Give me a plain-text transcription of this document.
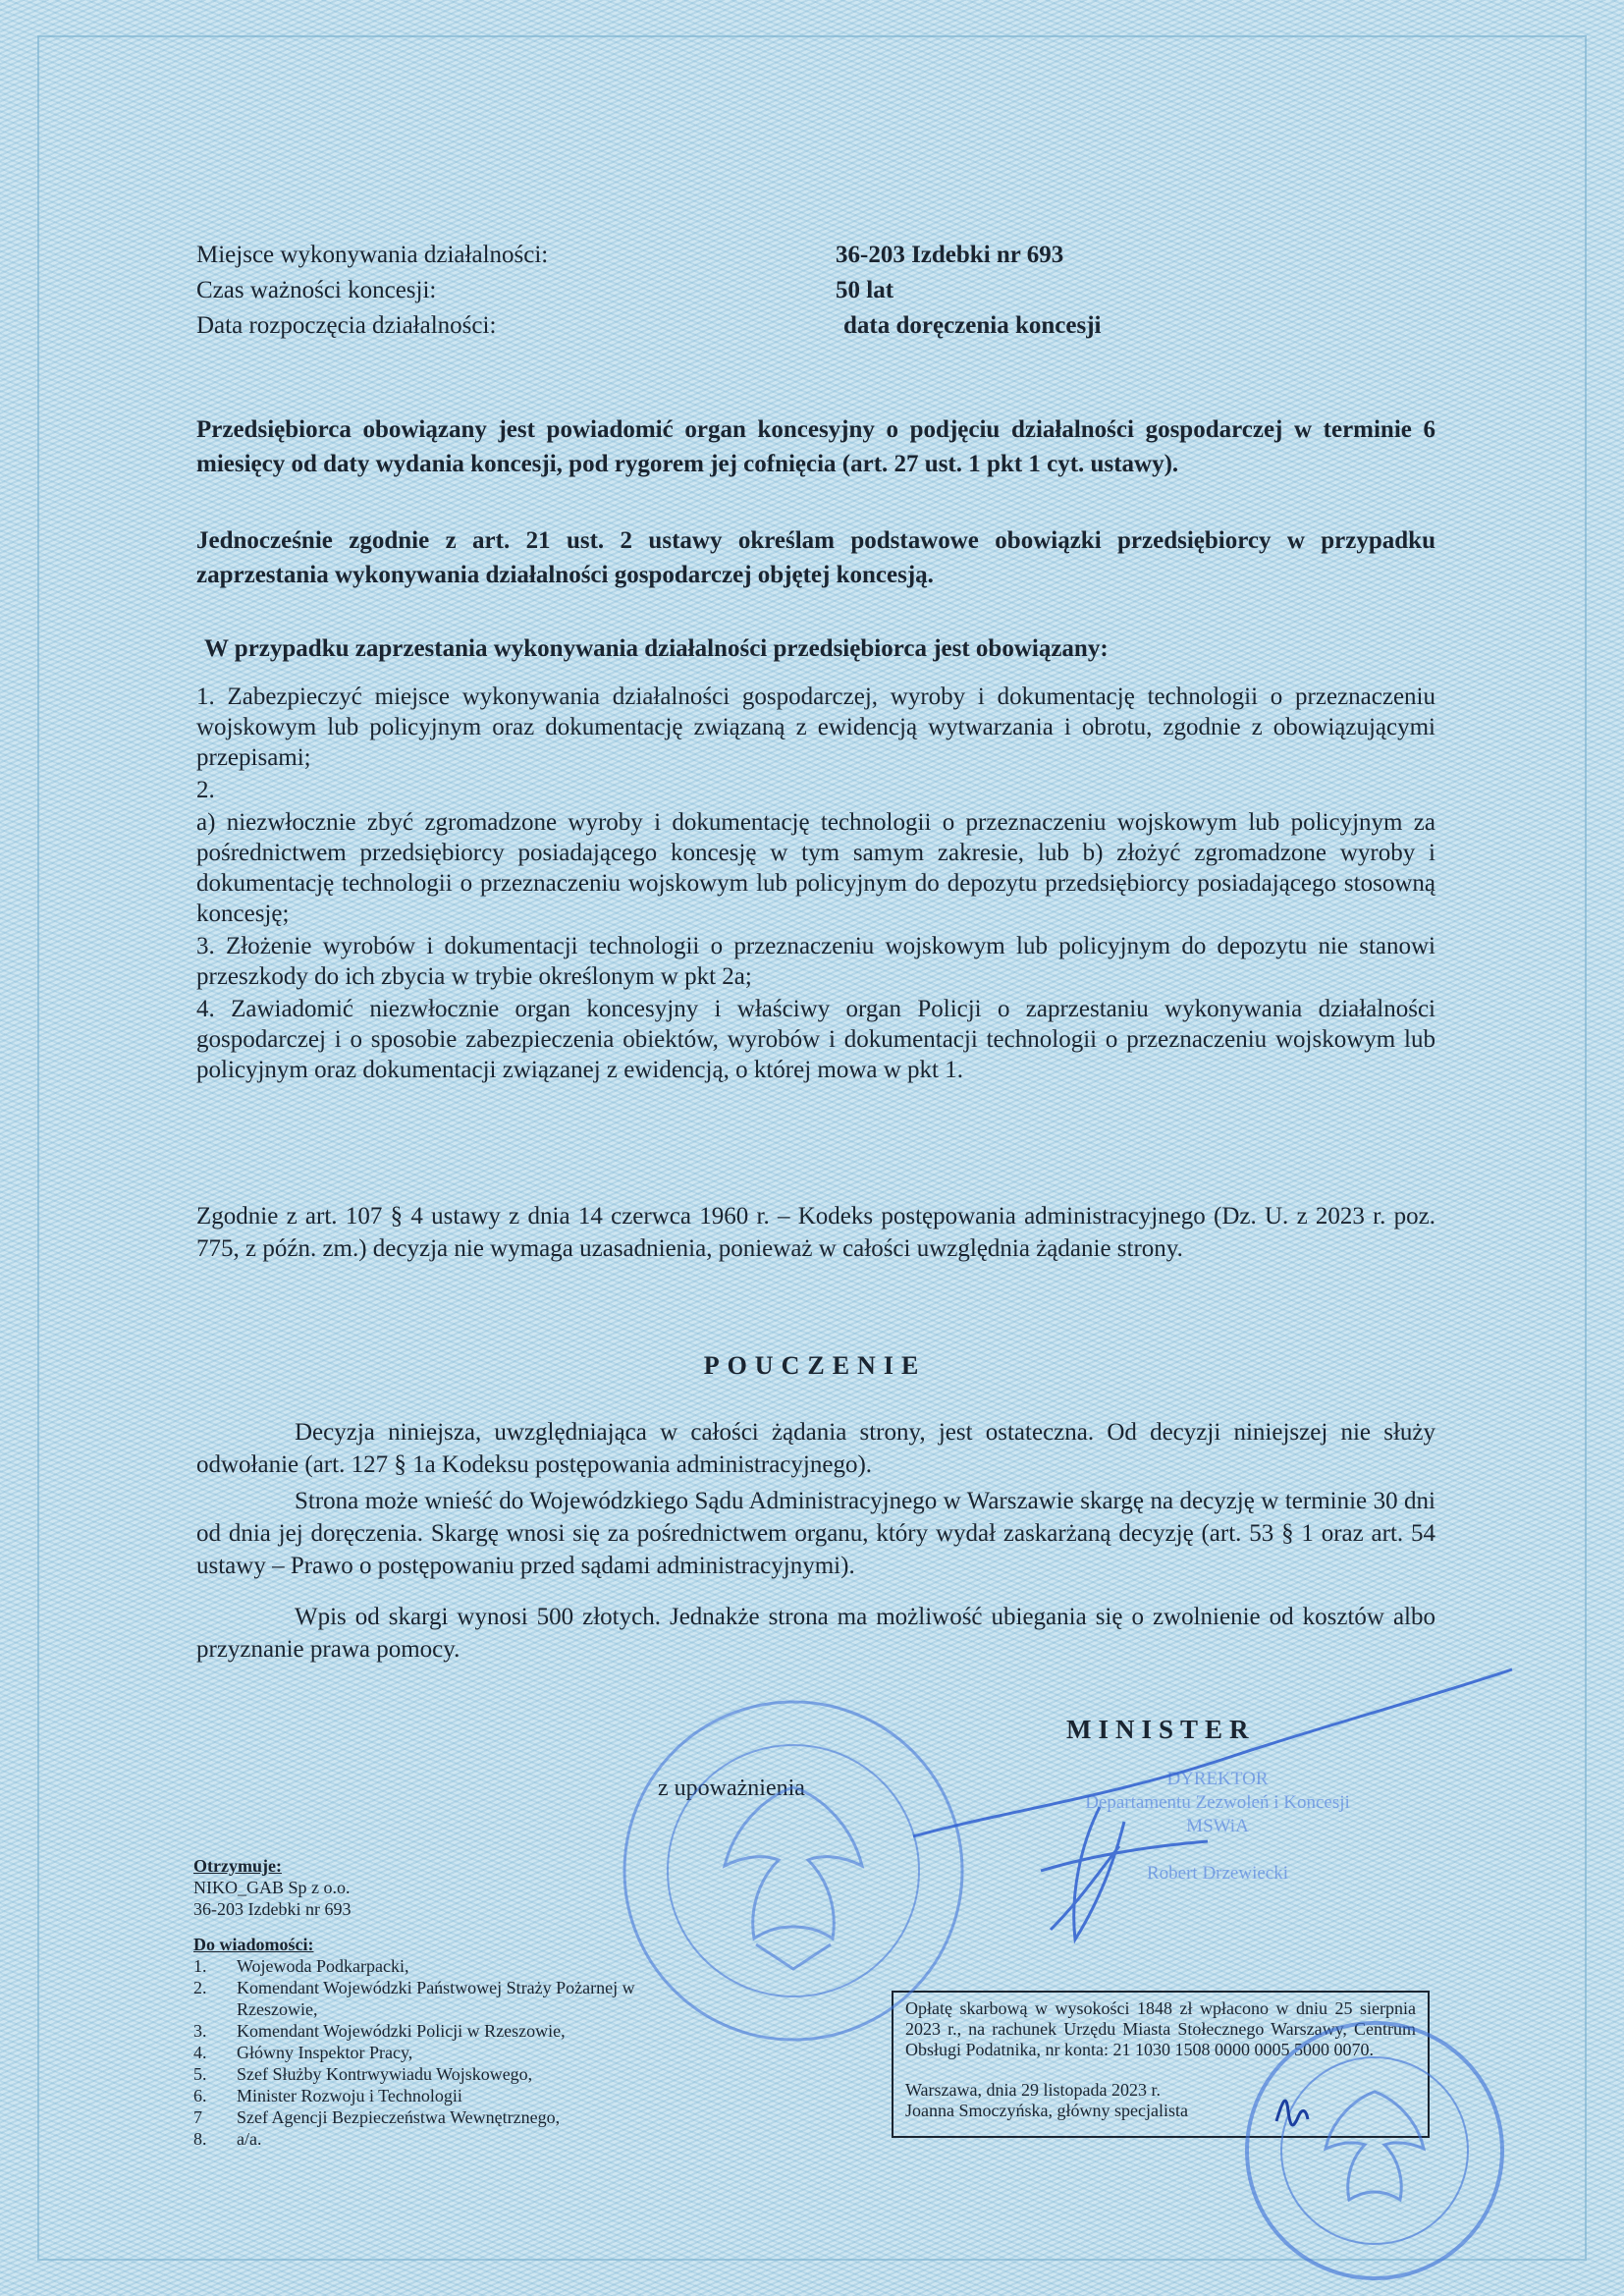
Miejsce wykonywania działalności:	36-203 Izdebki nr 693
Czas ważności koncesji:	50 lat
Data rozpoczęcia działalności:	data doręczenia koncesji
Przedsiębiorca obowiązany jest powiadomić organ koncesyjny o podjęciu działalności gospodarczej w terminie 6 miesięcy od daty wydania koncesji, pod rygorem jej cofnięcia (art. 27 ust. 1 pkt 1 cyt. ustawy).
Jednocześnie zgodnie z art. 21 ust. 2 ustawy określam podstawowe obowiązki przedsiębiorcy w przypadku zaprzestania wykonywania działalności gospodarczej objętej koncesją.
W przypadku zaprzestania wykonywania działalności przedsiębiorca jest obowiązany:

1. Zabezpieczyć miejsce wykonywania działalności gospodarczej, wyroby i dokumentację technologii o przeznaczeniu wojskowym lub policyjnym oraz dokumentację związaną z ewidencją wytwarzania i obrotu, zgodnie z obowiązującymi przepisami;

2.

a) niezwłocznie zbyć zgromadzone wyroby i dokumentację technologii o przeznaczeniu wojskowym lub policyjnym za pośrednictwem przedsiębiorcy posiadającego koncesję w tym samym zakresie, lub b) złożyć zgromadzone wyroby i dokumentację technologii o przeznaczeniu wojskowym lub policyjnym do depozytu przedsiębiorcy posiadającego stosowną koncesję;

3. Złożenie wyrobów i dokumentacji technologii o przeznaczeniu wojskowym lub policyjnym do depozytu nie stanowi przeszkody do ich zbycia w trybie określonym w pkt 2a;

4. Zawiadomić niezwłocznie organ koncesyjny i właściwy organ Policji o zaprzestaniu wykonywania działalności gospodarczej i o sposobie zabezpieczenia obiektów, wyrobów i dokumentacji technologii o przeznaczeniu wojskowym lub policyjnym oraz dokumentacji związanej z ewidencją, o której mowa w pkt 1.

Zgodnie z art. 107 § 4 ustawy z dnia 14 czerwca 1960 r. – Kodeks postępowania administracyjnego (Dz. U. z 2023 r. poz. 775, z późn. zm.) decyzja nie wymaga uzasadnienia, ponieważ w całości uwzględnia żądanie strony.
POUCZENIE
Decyzja niniejsza, uwzględniająca w całości żądania strony, jest ostateczna. Od decyzji niniejszej nie służy odwołanie (art. 127 § 1a Kodeksu postępowania administracyjnego).
Strona może wnieść do Wojewódzkiego Sądu Administracyjnego w Warszawie skargę na decyzję w terminie 30 dni od dnia jej doręczenia. Skargę wnosi się za pośrednictwem organu, który wydał zaskarżaną decyzję (art. 53 § 1 oraz art. 54 ustawy – Prawo o postępowaniu przed sądami administracyjnymi).
Wpis od skargi wynosi 500 złotych. Jednakże strona ma możliwość ubiegania się o zwolnienie od kosztów albo przyznanie prawa pomocy.
MINISTER
z upoważnienia	DYREKTOR
Departamentu Zezwoleń i Koncesji
MSWiA
Robert Drzewiecki
Otrzymuje:
NIKO_GAB Sp z o.o.
36-203 Izdebki nr 693
Do wiadomości:
1.	Wojewoda Podkarpacki,
2.	Komendant Wojewódzki Państwowej Straży Pożarnej w Rzeszowie,
3.	Komendant Wojewódzki Policji w Rzeszowie,
4.	Główny Inspektor Pracy,
5.	Szef Służby Kontrwywiadu Wojskowego,
6.	Minister Rozwoju i Technologii
7	Szef Agencji Bezpieczeństwa Wewnętrznego,
8.	a/a.
Opłatę skarbową w wysokości 1848 zł wpłacono w dniu 25 sierpnia 2023 r., na rachunek Urzędu Miasta Stołecznego Warszawy, Centrum Obsługi Podatnika, nr konta: 21 1030 1508 0000 0005 5000 0070.
Warszawa, dnia 29 listopada 2023 r.
Joanna Smoczyńska, główny specjalista
